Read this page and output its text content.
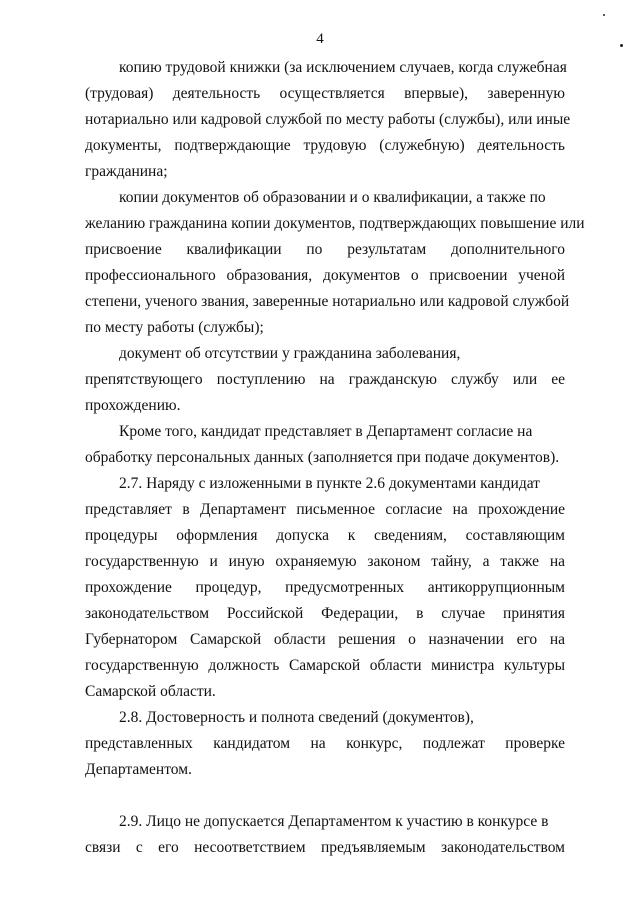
4
копию трудовой книжки (за исключением случаев, когда служебная
(трудовая) деятельность осуществляется впервые), заверенную
нотариально или кадровой службой по месту работы (службы), или иные
документы, подтверждающие трудовую (служебную) деятельность
гражданина;
копии документов об образовании и о квалификации, а также по
желанию гражданина копии документов, подтверждающих повышение или
присвоение квалификации по результатам дополнительного
профессионального образования, документов о присвоении ученой
степени, ученого звания, заверенные нотариально или кадровой службой
по месту работы (службы);
документ об отсутствии у гражданина заболевания,
препятствующего поступлению на гражданскую службу или ее
прохождению.
Кроме того, кандидат представляет в Департамент согласие на
обработку персональных данных (заполняется при подаче документов).
2.7. Наряду с изложенными в пункте 2.6 документами кандидат
представляет в Департамент письменное согласие на прохождение
процедуры оформления допуска к сведениям, составляющим
государственную и иную охраняемую законом тайну, а также на
прохождение процедур, предусмотренных антикоррупционным
законодательством Российской Федерации, в случае принятия
Губернатором Самарской области решения о назначении его на
государственную должность Самарской области министра культуры
Самарской области.
2.8. Достоверность и полнота сведений (документов),
представленных кандидатом на конкурс, подлежат проверке
Департаментом.
2.9. Лицо не допускается Департаментом к участию в конкурсе в
связи с его несоответствием предъявляемым законодательством
